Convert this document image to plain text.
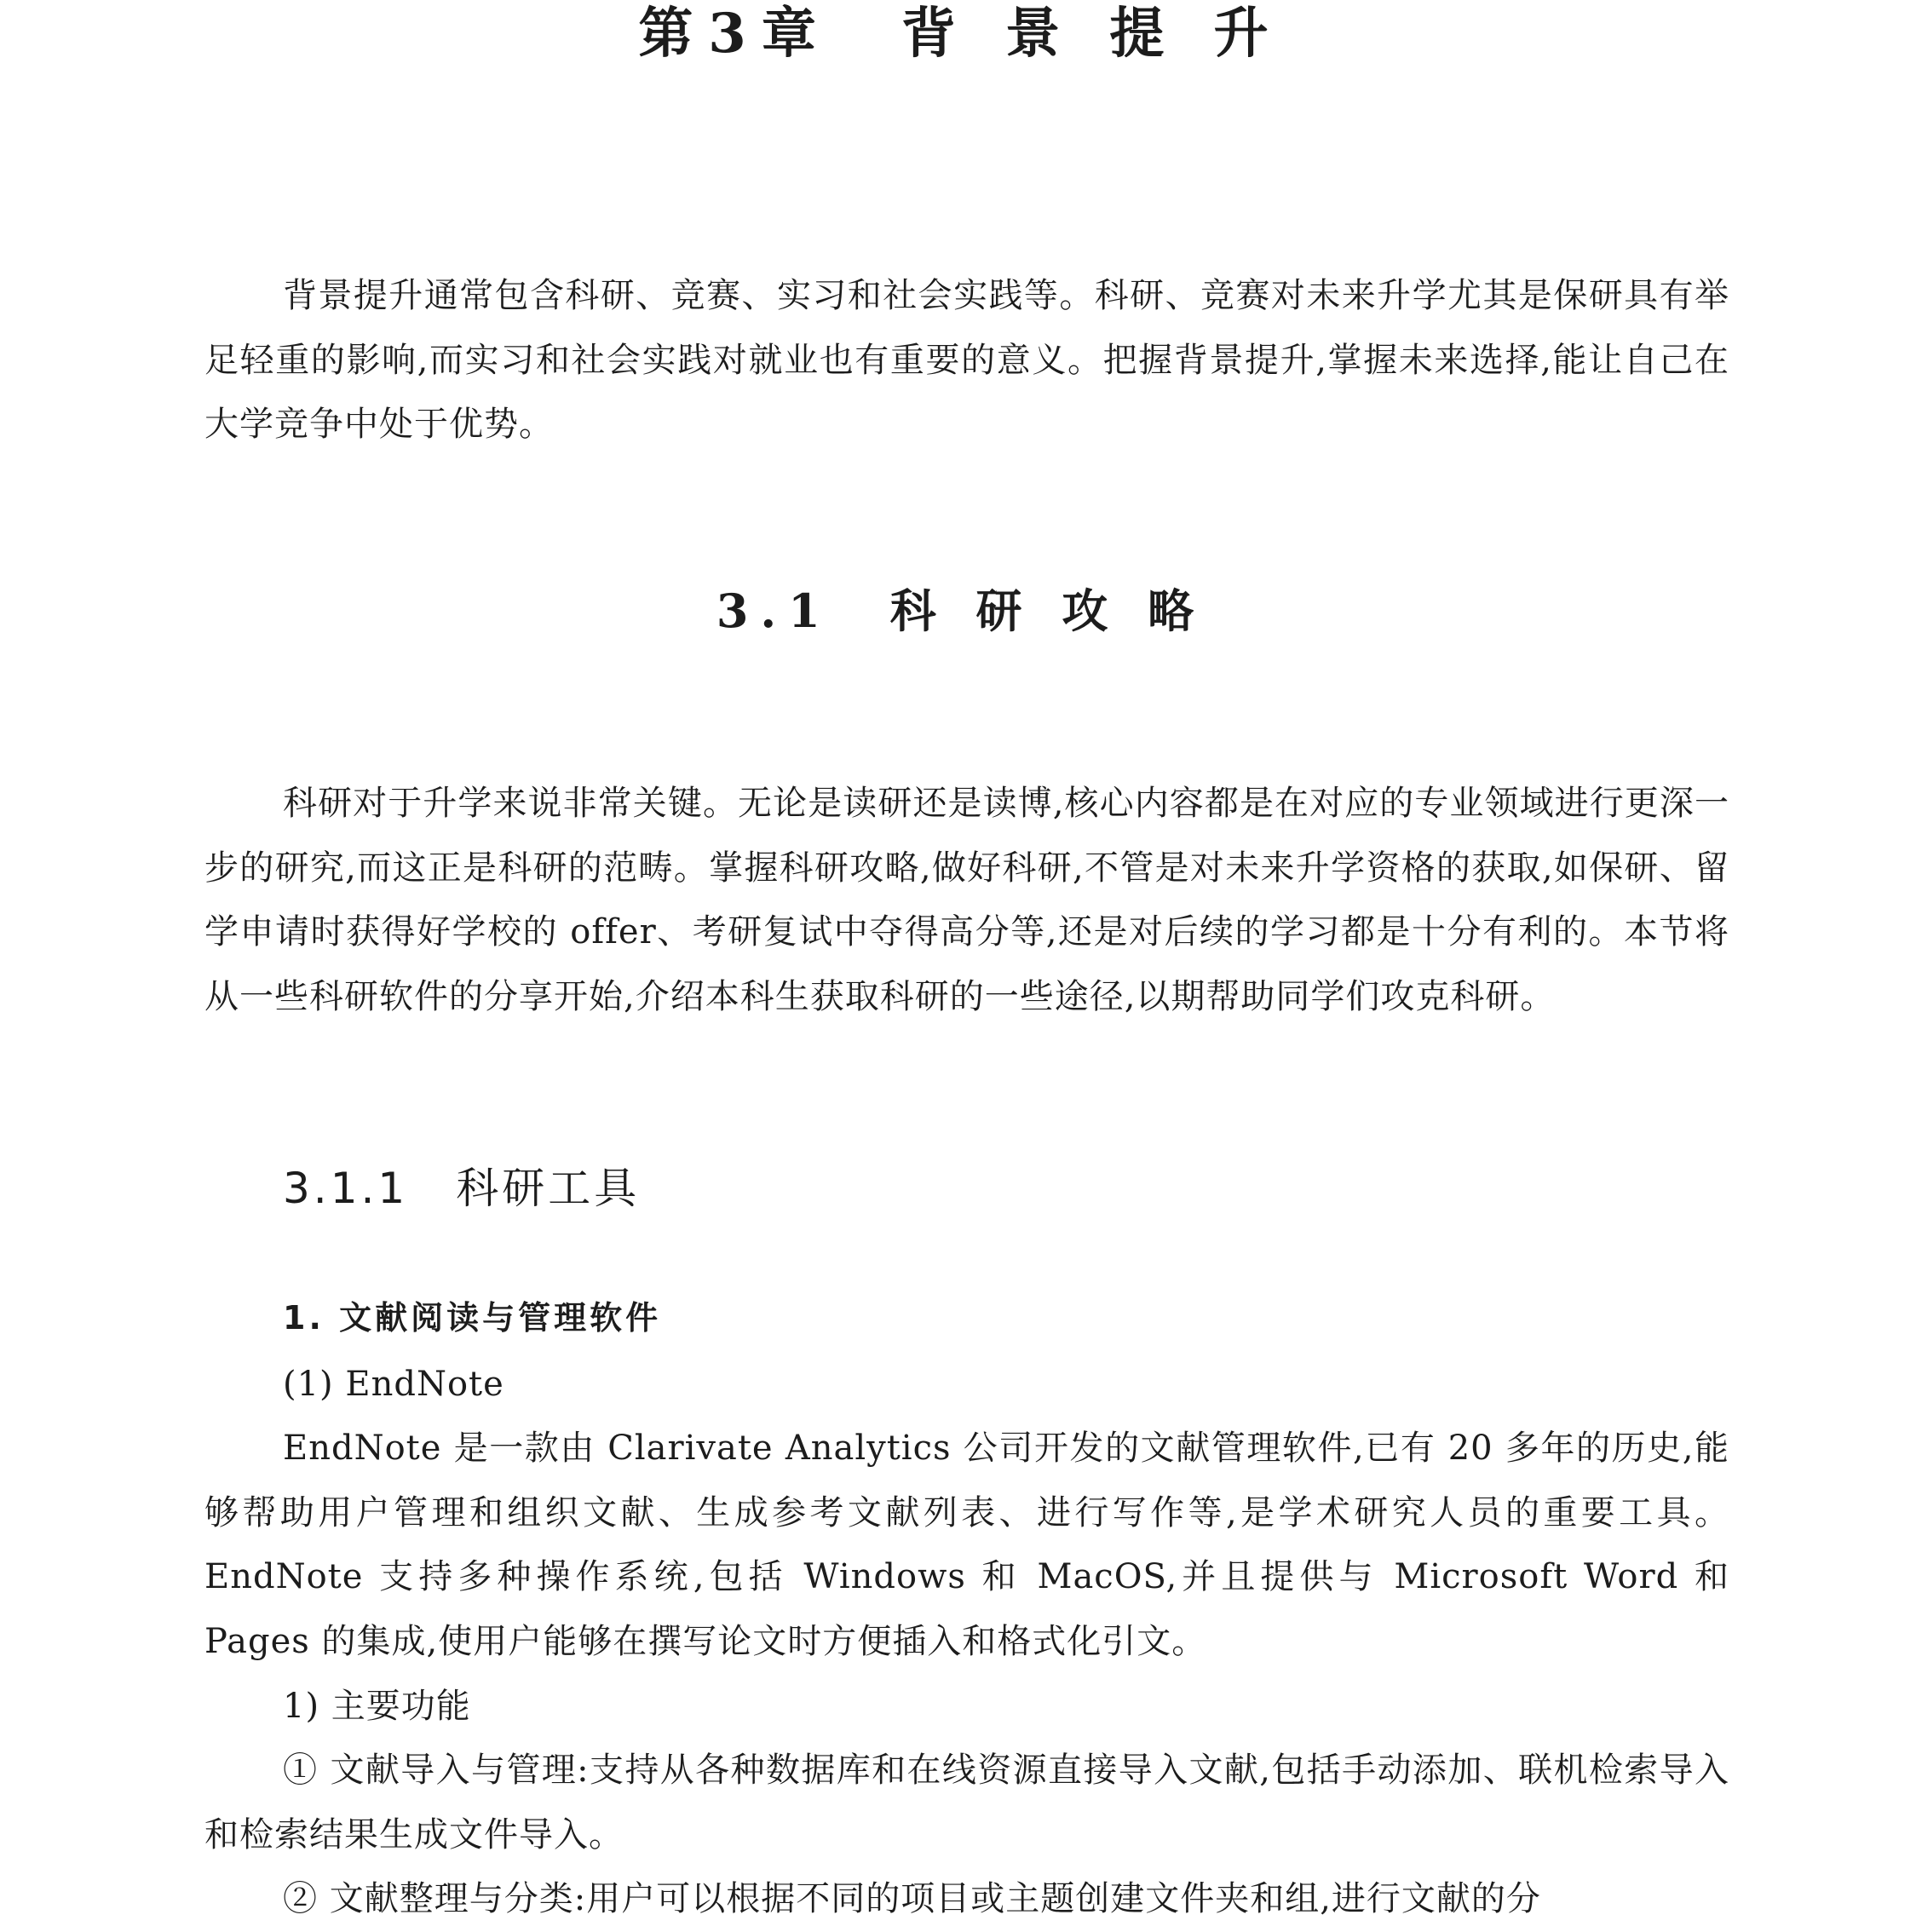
第3章　背 景 提 升

背景提升通常包含科研、竞赛、实习和社会实践等。科研、竞赛对未来升学尤其是保研具有举足轻重的影响,而实习和社会实践对就业也有重要的意义。把握背景提升,掌握未来选择,能让自己在大学竞争中处于优势。

3.1　科 研 攻 略

科研对于升学来说非常关键。无论是读研还是读博,核心内容都是在对应的专业领域进行更深一步的研究,而这正是科研的范畴。掌握科研攻略,做好科研,不管是对未来升学资格的获取,如保研、留学申请时获得好学校的 offer、考研复试中夺得高分等,还是对后续的学习都是十分有利的。本节将从一些科研软件的分享开始,介绍本科生获取科研的一些途径,以期帮助同学们攻克科研。

3.1.1 科研工具
1. 文献阅读与管理软件

(1) EndNote

EndNote 是一款由 Clarivate Analytics 公司开发的文献管理软件,已有 20 多年的历史,能够帮助用户管理和组织文献、生成参考文献列表、进行写作等,是学术研究人员的重要工具。EndNote 支持多种操作系统,包括 Windows 和 MacOS,并且提供与 Microsoft Word 和 Pages 的集成,使用户能够在撰写论文时方便插入和格式化引文。

1) 主要功能

① 文献导入与管理:支持从各种数据库和在线资源直接导入文献,包括手动添加、联机检索导入和检索结果生成文件导入。

② 文献整理与分类:用户可以根据不同的项目或主题创建文件夹和组,进行文献的分
